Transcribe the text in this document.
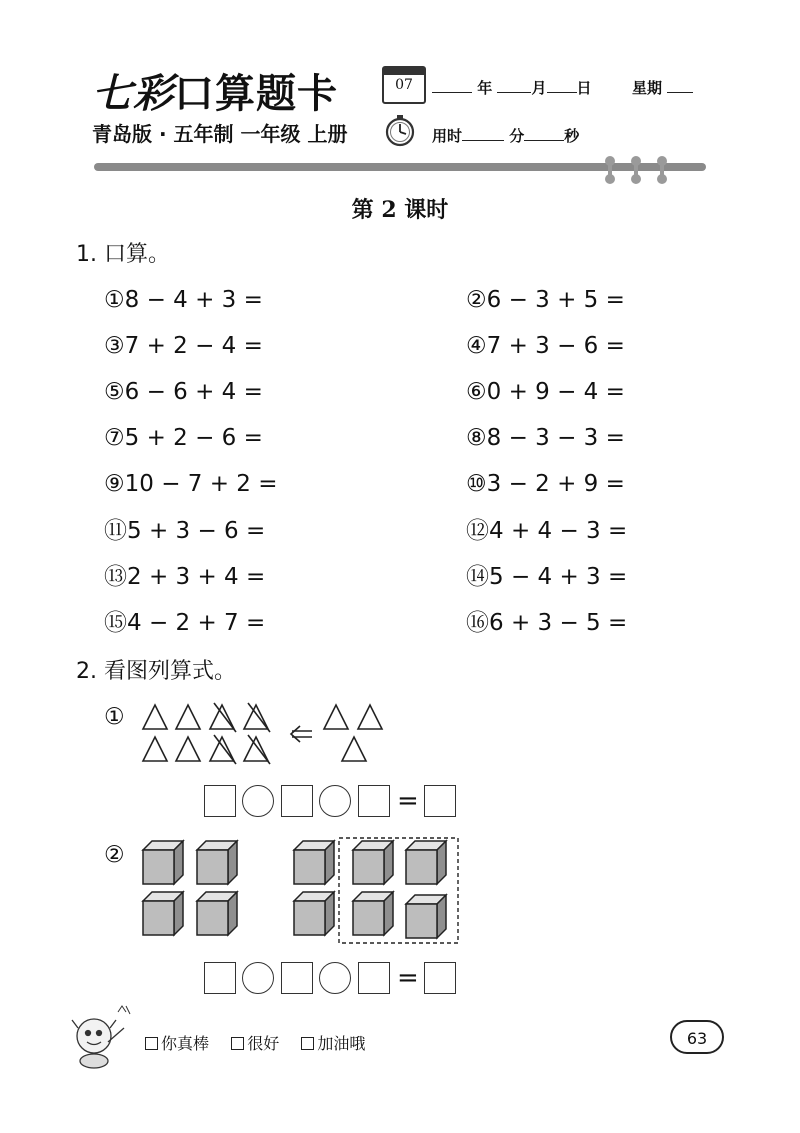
七彩口算题卡
青岛版 · 五年制 一年级 上册
07	年	月 日	星期
用时	分	秒
第 2 课时
1. 口算。
①8 − 4 + 3 =	②6 − 3 + 5 =
③7 + 2 − 4 =	④7 + 3 − 6 =
⑤6 − 6 + 4 =	⑥0 + 9 − 4 =
⑦5 + 2 − 6 =	⑧8 − 3 − 3 =
⑨10 − 7 + 2 =	⑩3 − 2 + 9 =
⑪5 + 3 − 6 =	⑫4 + 4 − 3 =
⑬2 + 3 + 4 =	⑭5 − 4 + 3 =
⑮4 − 2 + 7 =	⑯6 + 3 − 5 =
2. 看图列算式。
①
=
②
=
你真棒 很好 加油哦	63
